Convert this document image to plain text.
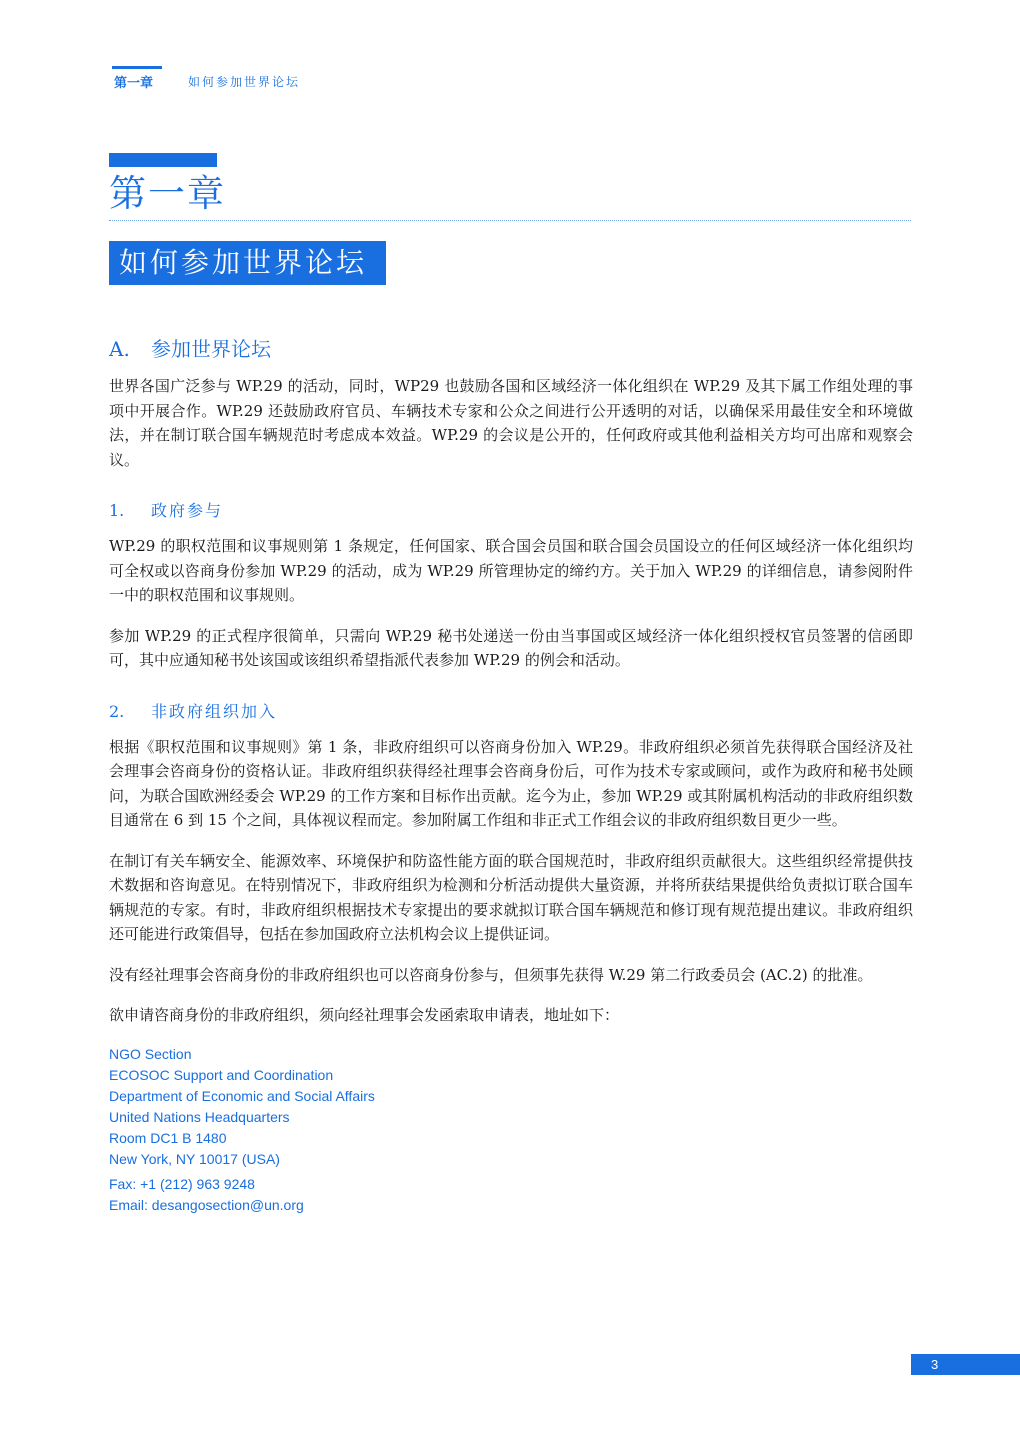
第一章	如何参加世界论坛
第一章
如何参加世界论坛
A. 参加世界论坛

世界各国广泛参与 WP.29 的活动，同时，WP29 也鼓励各国和区域经济一体化组织在 WP.29 及其下属工作组处理的事项中开展合作。WP.29 还鼓励政府官员、车辆技术专家和公众之间进行公开透明的对话，以确保采用最佳安全和环境做法，并在制订联合国车辆规范时考虑成本效益。WP.29 的会议是公开的，任何政府或其他利益相关方均可出席和观察会议。

1. 政府参与

WP.29 的职权范围和议事规则第 1 条规定，任何国家、联合国会员国和联合国会员国设立的任何区域经济一体化组织均可全权或以咨商身份参加 WP.29 的活动，成为 WP.29 所管理协定的缔约方。关于加入 WP.29 的详细信息，请参阅附件一中的职权范围和议事规则。

参加 WP.29 的正式程序很简单，只需向 WP.29 秘书处递送一份由当事国或区域经济一体化组织授权官员签署的信函即可，其中应通知秘书处该国或该组织希望指派代表参加 WP.29 的例会和活动。

2. 非政府组织加入

根据《职权范围和议事规则》第 1 条，非政府组织可以咨商身份加入 WP.29。非政府组织必须首先获得联合国经济及社会理事会咨商身份的资格认证。非政府组织获得经社理事会咨商身份后，可作为技术专家或顾问，或作为政府和秘书处顾问，为联合国欧洲经委会 WP.29 的工作方案和目标作出贡献。迄今为止，参加 WP.29 或其附属机构活动的非政府组织数目通常在 6 到 15 个之间，具体视议程而定。参加附属工作组和非正式工作组会议的非政府组织数目更少一些。

在制订有关车辆安全、能源效率、环境保护和防盗性能方面的联合国规范时，非政府组织贡献很大。这些组织经常提供技术数据和咨询意见。在特别情况下，非政府组织为检测和分析活动提供大量资源，并将所获结果提供给负责拟订联合国车辆规范的专家。有时，非政府组织根据技术专家提出的要求就拟订联合国车辆规范和修订现有规范提出建议。非政府组织还可能进行政策倡导，包括在参加国政府立法机构会议上提供证词。

没有经社理事会咨商身份的非政府组织也可以咨商身份参与，但须事先获得 W.29 第二行政委员会 (AC.2) 的批准。

欲申请咨商身份的非政府组织，须向经社理事会发函索取申请表，地址如下：

NGO Section
ECOSOC Support and Coordination
Department of Economic and Social Affairs
United Nations Headquarters
Room DC1 B 1480
New York, NY 10017 (USA)
Fax: +1 (212) 963 9248
Email: desangosection@un.org
3
